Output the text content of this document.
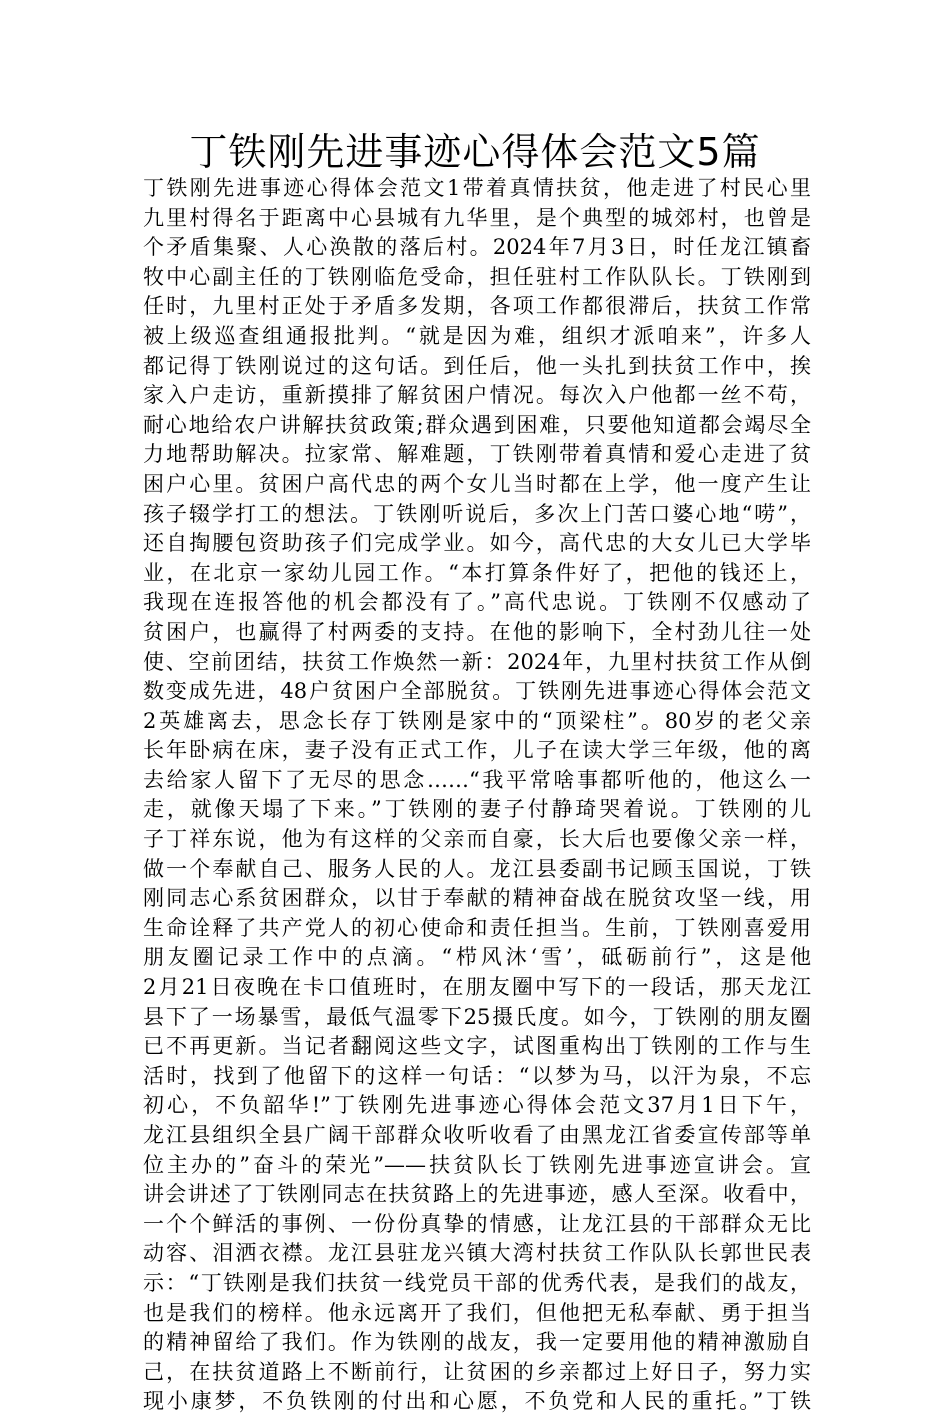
丁铁刚先进事迹心得体会范文5篇
丁铁刚先进事迹心得体会范文1带着真情扶贫，他走进了村民心里
九里村得名于距离中心县城有九华里，是个典型的城郊村，也曾是
个矛盾集聚、人心涣散的落后村。2024年7月3日，时任龙江镇畜
牧中心副主任的丁铁刚临危受命，担任驻村工作队队长。丁铁刚到
任时，九里村正处于矛盾多发期，各项工作都很滞后，扶贫工作常
被上级巡查组通报批判。“就是因为难，组织才派咱来”，许多人
都记得丁铁刚说过的这句话。到任后，他一头扎到扶贫工作中，挨
家入户走访，重新摸排了解贫困户情况。每次入户他都一丝不苟，
耐心地给农户讲解扶贫政策;群众遇到困难，只要他知道都会竭尽全
力地帮助解决。拉家常、解难题，丁铁刚带着真情和爱心走进了贫
困户心里。贫困户高代忠的两个女儿当时都在上学，他一度产生让
孩子辍学打工的想法。丁铁刚听说后，多次上门苦口婆心地“唠”，
还自掏腰包资助孩子们完成学业。如今，高代忠的大女儿已大学毕
业，在北京一家幼儿园工作。“本打算条件好了，把他的钱还上，
我现在连报答他的机会都没有了。”高代忠说。丁铁刚不仅感动了
贫困户，也赢得了村两委的支持。在他的影响下，全村劲儿往一处
使、空前团结，扶贫工作焕然一新：2024年，九里村扶贫工作从倒
数变成先进，48户贫困户全部脱贫。丁铁刚先进事迹心得体会范文
2英雄离去，思念长存丁铁刚是家中的“顶梁柱”。80岁的老父亲
长年卧病在床，妻子没有正式工作，儿子在读大学三年级，他的离
去给家人留下了无尽的思念……“我平常啥事都听他的，他这么一
走，就像天塌了下来。”丁铁刚的妻子付静琦哭着说。丁铁刚的儿
子丁祥东说，他为有这样的父亲而自豪，长大后也要像父亲一样，
做一个奉献自己、服务人民的人。龙江县委副书记顾玉国说，丁铁
刚同志心系贫困群众，以甘于奉献的精神奋战在脱贫攻坚一线，用
生命诠释了共产党人的初心使命和责任担当。生前，丁铁刚喜爱用
朋友圈记录工作中的点滴。“栉风沐‘雪’，砥砺前行”，这是他
2月21日夜晚在卡口值班时，在朋友圈中写下的一段话，那天龙江
县下了一场暴雪，最低气温零下25摄氏度。如今，丁铁刚的朋友圈
已不再更新。当记者翻阅这些文字，试图重构出丁铁刚的工作与生
活时，找到了他留下的这样一句话：“以梦为马，以汗为泉，不忘
初心，不负韶华!”丁铁刚先进事迹心得体会范文37月1日下午，
龙江县组织全县广阔干部群众收听收看了由黑龙江省委宣传部等单
位主办的”奋斗的荣光”——扶贫队长丁铁刚先进事迹宣讲会。宣
讲会讲述了丁铁刚同志在扶贫路上的先进事迹，感人至深。收看中，
一个个鲜活的事例、一份份真挚的情感，让龙江县的干部群众无比
动容、泪洒衣襟。龙江县驻龙兴镇大湾村扶贫工作队队长郭世民表
示：“丁铁刚是我们扶贫一线党员干部的优秀代表，是我们的战友，
也是我们的榜样。他永远离开了我们，但他把无私奉献、勇于担当
的精神留给了我们。作为铁刚的战友，我一定要用他的精神激励自
己，在扶贫道路上不断前行，让贫困的乡亲都过上好日子，努力实
现小康梦，不负铁刚的付出和心愿，不负党和人民的重托。”丁铁
